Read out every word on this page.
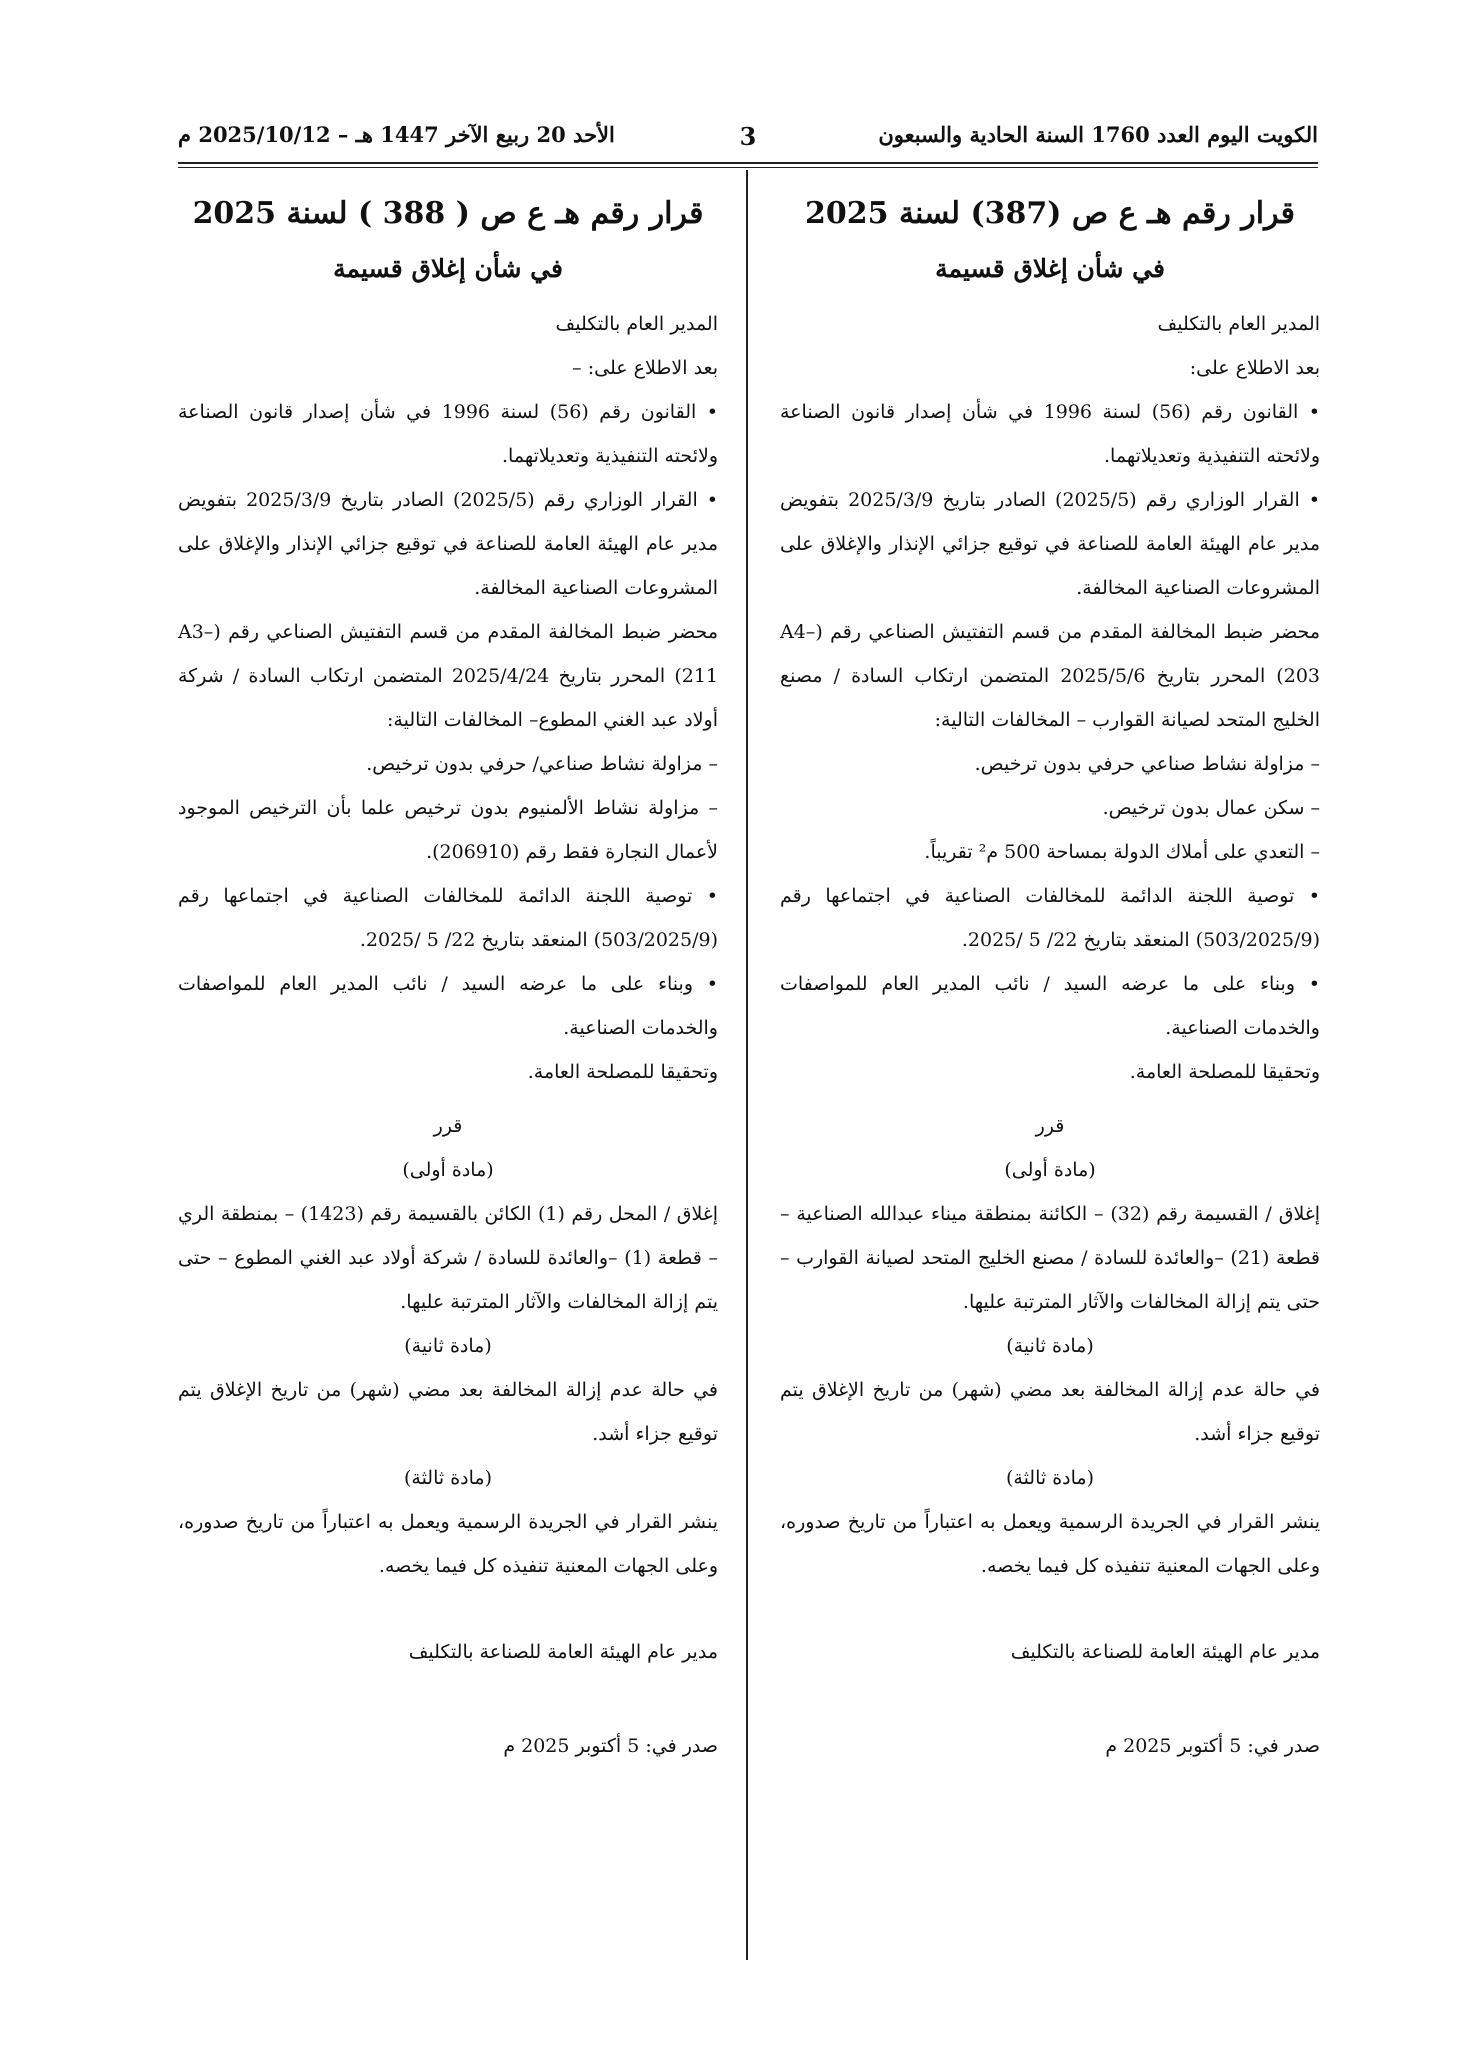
الكويت اليوم العدد 1760 السنة الحادية والسبعون
3
الأحد 20 ربيع الآخر 1447 هـ – 2025/10/12 م
قرار رقم هـ ع ص (387) لسنة 2025
في شأن إغلاق قسيمة

المدير العام بالتكليف

بعد الاطلاع على:

• القانون رقم (56) لسنة 1996 في شأن إصدار قانون الصناعة ولائحته التنفيذية وتعديلاتهما.

• القرار الوزاري رقم (2025/5) الصادر بتاريخ 2025/3/9 بتفويض مدير عام الهيئة العامة للصناعة في توقيع جزائي الإنذار والإغلاق على المشروعات الصناعية المخالفة.

محضر ضبط المخالفة المقدم من قسم التفتيش الصناعي رقم (A4–203) المحرر بتاريخ 2025/5/6 المتضمن ارتكاب السادة / مصنع الخليج المتحد لصيانة القوارب – المخالفات التالية:

– مزاولة نشاط صناعي حرفي بدون ترخيص.

– سكن عمال بدون ترخيص.

– التعدي على أملاك الدولة بمساحة 500 م² تقريباً.

• توصية اللجنة الدائمة للمخالفات الصناعية في اجتماعها رقم (503/2025/9) المنعقد بتاريخ 22/ 5 /2025.

• وبناء على ما عرضه السيد / نائب المدير العام للمواصفات والخدمات الصناعية.

وتحقيقا للمصلحة العامة.

قرر

(مادة أولى)

إغلاق / القسيمة رقم (32) – الكائنة بمنطقة ميناء عبدالله الصناعية – قطعة (21) –والعائدة للسادة / مصنع الخليج المتحد لصيانة القوارب – حتى يتم إزالة المخالفات والآثار المترتبة عليها.

(مادة ثانية)

في حالة عدم إزالة المخالفة بعد مضي (شهر) من تاريخ الإغلاق يتم توقيع جزاء أشد.

(مادة ثالثة)

ينشر القرار في الجريدة الرسمية ويعمل به اعتباراً من تاريخ صدوره، وعلى الجهات المعنية تنفيذه كل فيما يخصه.

مدير عام الهيئة العامة للصناعة بالتكليف

صدر في: 5 أكتوبر 2025 م

قرار رقم هـ ع ص ( 388 ) لسنة 2025
في شأن إغلاق قسيمة

المدير العام بالتكليف

بعد الاطلاع على: –

• القانون رقم (56) لسنة 1996 في شأن إصدار قانون الصناعة ولائحته التنفيذية وتعديلاتهما.

• القرار الوزاري رقم (2025/5) الصادر بتاريخ 2025/3/9 بتفويض مدير عام الهيئة العامة للصناعة في توقيع جزائي الإنذار والإغلاق على المشروعات الصناعية المخالفة.

محضر ضبط المخالفة المقدم من قسم التفتيش الصناعي رقم (A3–211) المحرر بتاريخ 2025/4/24 المتضمن ارتكاب السادة / شركة أولاد عبد الغني المطوع– المخالفات التالية:

– مزاولة نشاط صناعي/ حرفي بدون ترخيص.

– مزاولة نشاط الألمنيوم بدون ترخيص علما بأن الترخيص الموجود لأعمال النجارة فقط رقم (206910).

• توصية اللجنة الدائمة للمخالفات الصناعية في اجتماعها رقم (503/2025/9) المنعقد بتاريخ 22/ 5 /2025.

• وبناء على ما عرضه السيد / نائب المدير العام للمواصفات والخدمات الصناعية.

وتحقيقا للمصلحة العامة.

قرر

(مادة أولى)

إغلاق / المحل رقم (1) الكائن بالقسيمة رقم (1423) – بمنطقة الري – قطعة (1) –والعائدة للسادة / شركة أولاد عبد الغني المطوع – حتى يتم إزالة المخالفات والآثار المترتبة عليها.

(مادة ثانية)

في حالة عدم إزالة المخالفة بعد مضي (شهر) من تاريخ الإغلاق يتم توقيع جزاء أشد.

(مادة ثالثة)

ينشر القرار في الجريدة الرسمية ويعمل به اعتباراً من تاريخ صدوره، وعلى الجهات المعنية تنفيذه كل فيما يخصه.

مدير عام الهيئة العامة للصناعة بالتكليف

صدر في: 5 أكتوبر 2025 م
